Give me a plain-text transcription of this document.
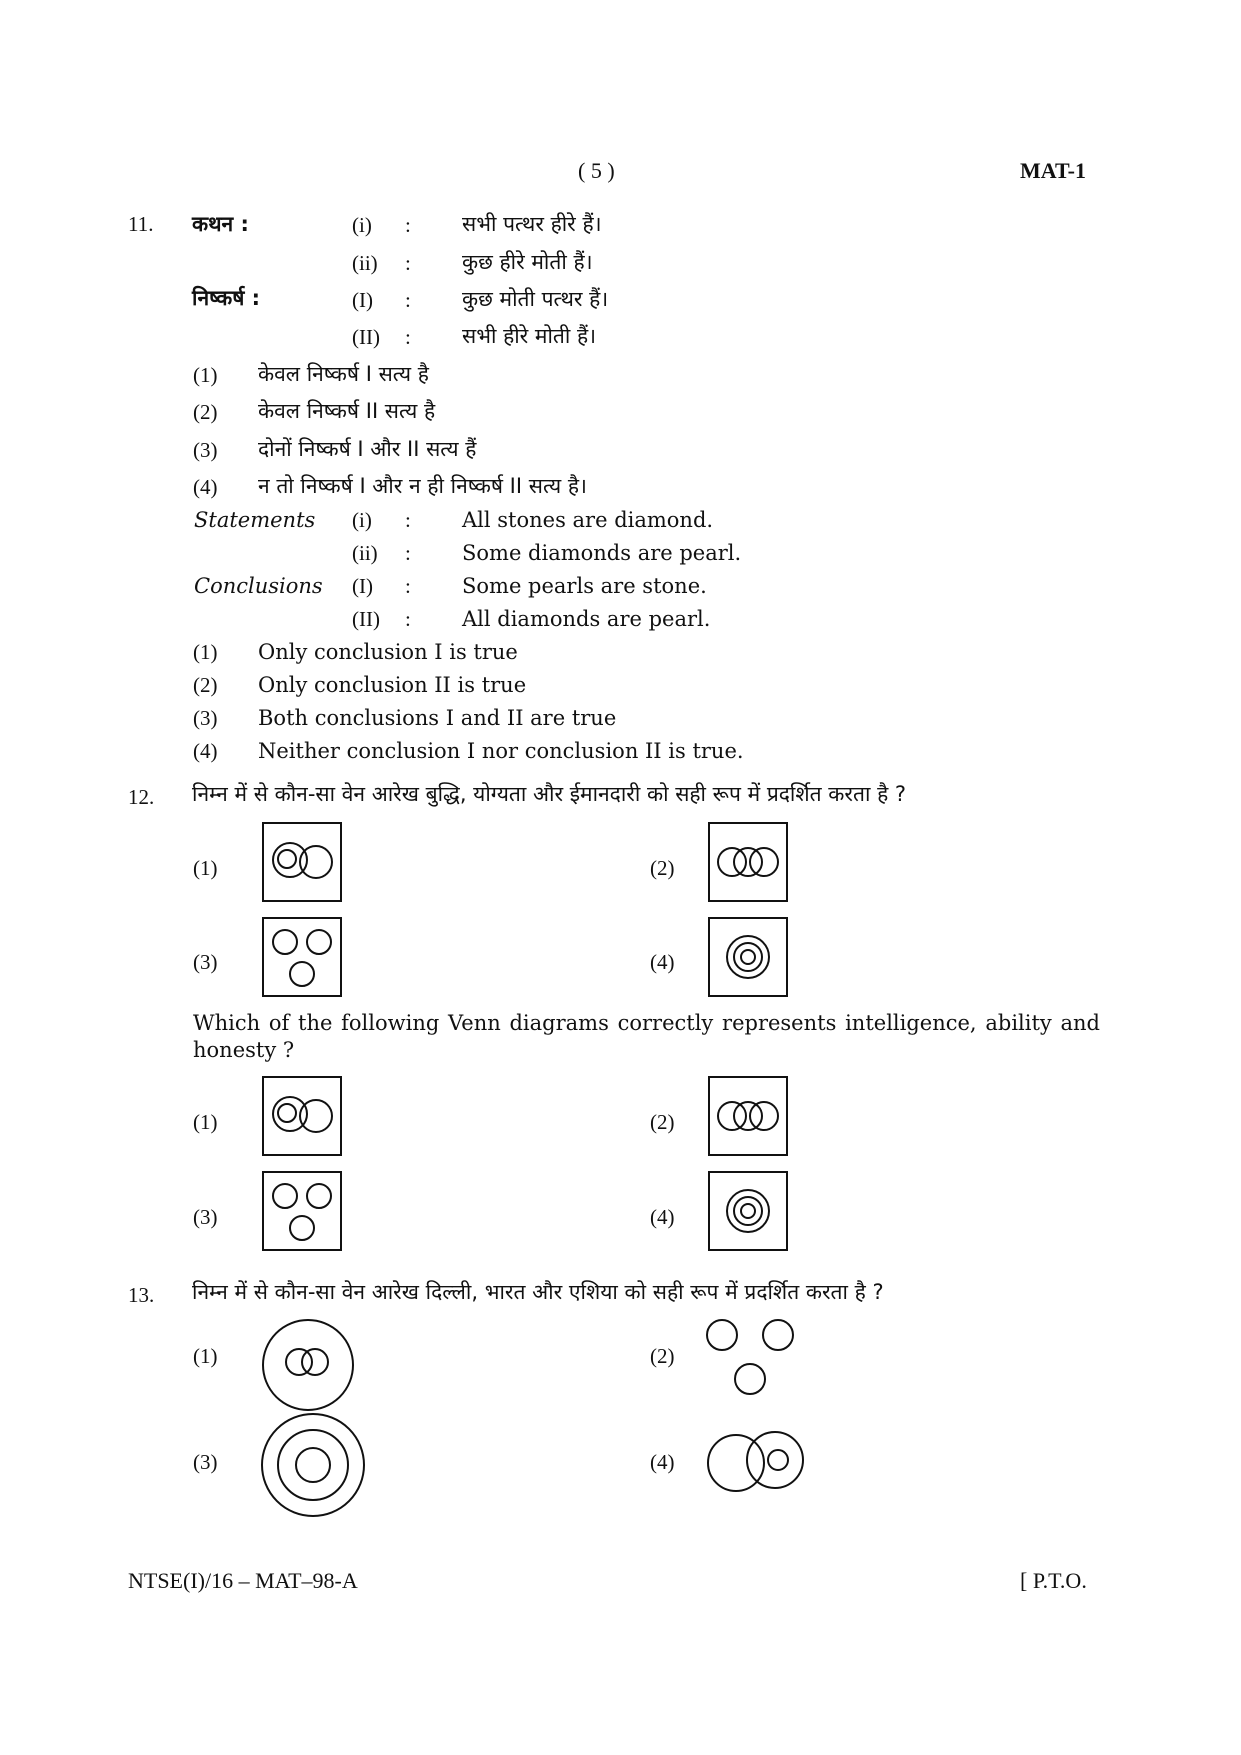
( 5 )	MAT-1
11. कथन :	(i) : सभी पत्थर हीरे हैं।
(ii) : कुछ हीरे मोती हैं।
निष्कर्ष :	(I) : कुछ मोती पत्थर हैं।
(II) : सभी हीरे मोती हैं।
(1) केवल निष्कर्ष I सत्य है
(2) केवल निष्कर्ष II सत्य है
(3) दोनों निष्कर्ष I और II सत्य हैं
(4) न तो निष्कर्ष I और न ही निष्कर्ष II सत्य है।
Statements (i) : All stones are diamond.
(ii) : Some diamonds are pearl.
Conclusions (I) : Some pearls are stone.
(II) : All diamonds are pearl.
(1) Only conclusion I is true
(2) Only conclusion II is true
(3) Both conclusions I and II are true
(4) Neither conclusion I nor conclusion II is true.
12. निम्न में से कौन-सा वेन आरेख बुद्धि, योग्यता और ईमानदारी को सही रूप में प्रदर्शित करता है ?
(1)	(2)
(3)	(4)
Which of the following Venn diagrams correctly represents intelligence, ability and honesty ?
(1)	(2)
(3)	(4)
13. निम्न में से कौन-सा वेन आरेख दिल्ली, भारत और एशिया को सही रूप में प्रदर्शित करता है ?
(1)	(2)
(3)	(4)
NTSE(I)/16 – MAT–98-A	[ P.T.O.
